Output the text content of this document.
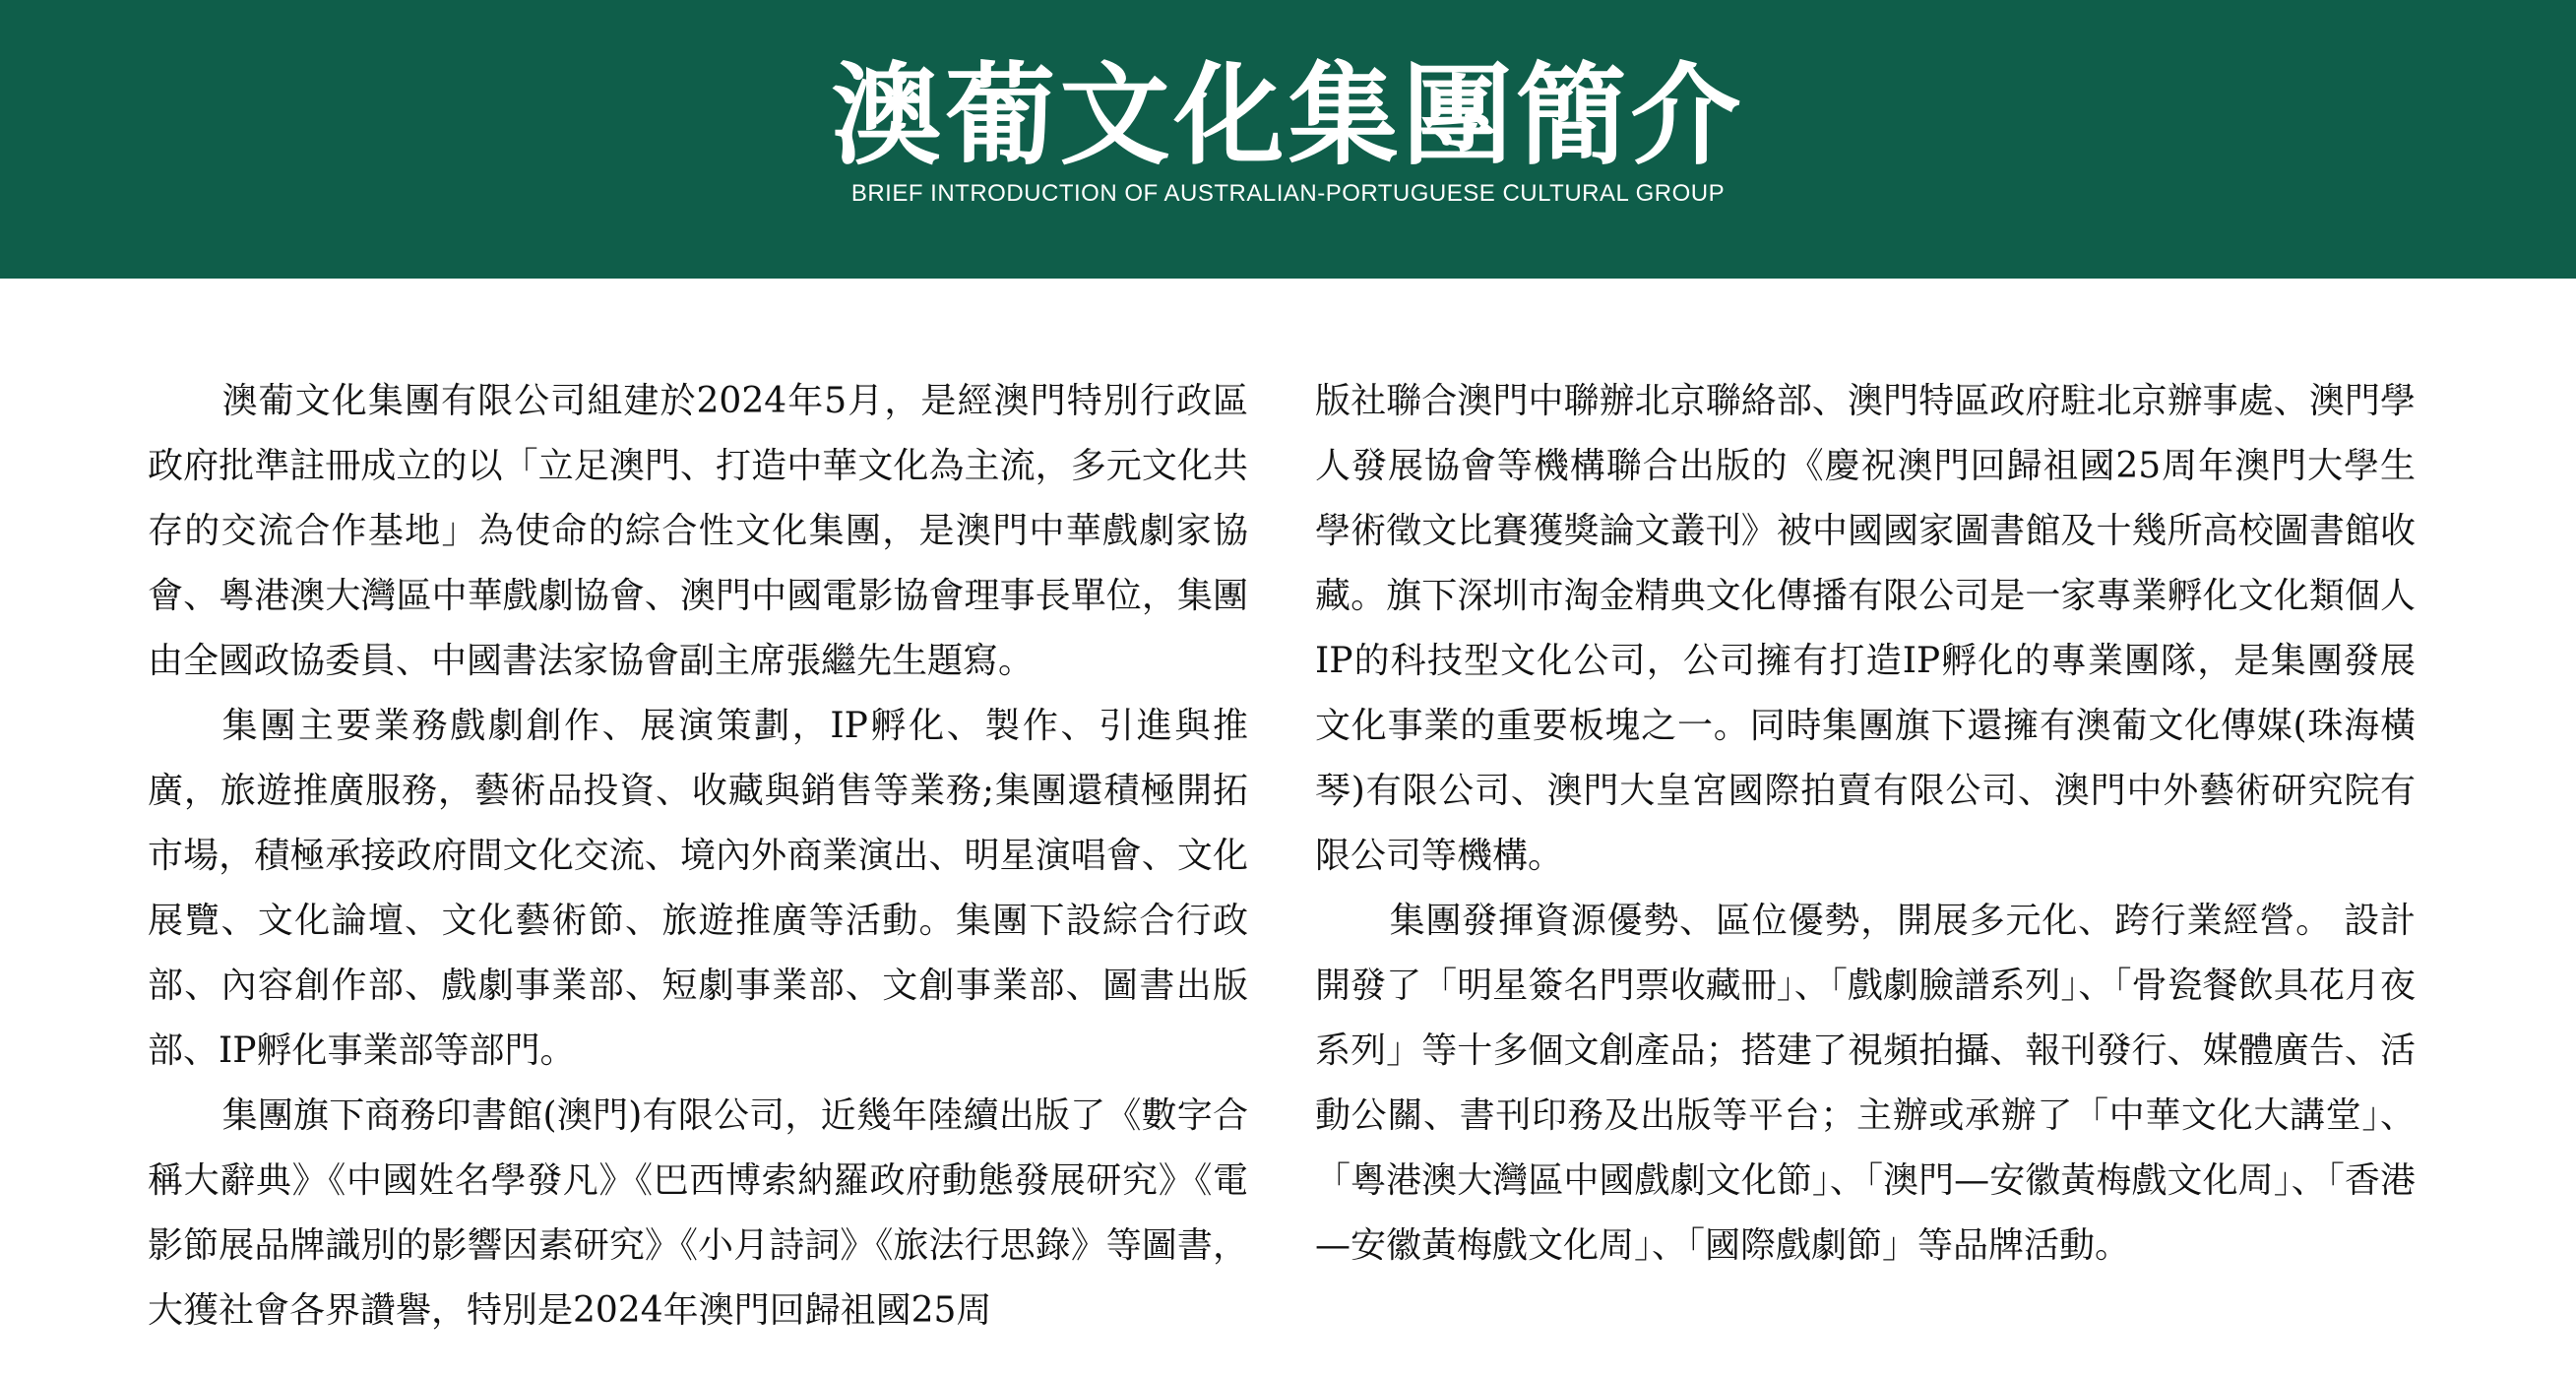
澳葡文化集團簡介
BRIEF INTRODUCTION OF AUSTRALIAN-PORTUGUESE CULTURAL GROUP

澳葡文化集團有限公司組建於2024年5月，是經澳門特別行政區政府批準註冊成立的以「立足澳門、打造中華文化為主流，多元文化共存的交流合作基地」為使命的綜合性文化集團，是澳門中華戲劇家協會、粵港澳大灣區中華戲劇協會、澳門中國電影協會理事長單位，集團由全國政協委員、中國書法家協會副主席張繼先生題寫。

集團主要業務戲劇創作、展演策劃，IP孵化、製作、引進與推廣，旅遊推廣服務，藝術品投資、收藏與銷售等業務;集團還積極開拓市場，積極承接政府間文化交流、境內外商業演出、明星演唱會、文化展覽、文化論壇、文化藝術節、旅遊推廣等活動。集團下設綜合行政部、內容創作部、戲劇事業部、短劇事業部、文創事業部、圖書出版部、IP孵化事業部等部門。

集團旗下商務印書館(澳門)有限公司，近幾年陸續出版了《數字合稱大辭典》《中國姓名學發凡》《巴西博索納羅政府動態發展研究》《電影節展品牌識別的影響因素研究》《小月詩詞》《旅法行思錄》等圖書，大獲社會各界讚譽，特別是2024年澳門回歸祖國25周

版社聯合澳門中聯辦北京聯絡部、澳門特區政府駐北京辦事處、澳門學人發展協會等機構聯合出版的《慶祝澳門回歸祖國25周年澳門大學生學術徵文比賽獲獎論文叢刊》被中國國家圖書館及十幾所高校圖書館收藏。旗下深圳市淘金精典文化傳播有限公司是一家專業孵化文化類個人IP的科技型文化公司，公司擁有打造IP孵化的專業團隊，是集團發展文化事業的重要板塊之一。同時集團旗下還擁有澳葡文化傳媒(珠海橫琴)有限公司、澳門大皇宮國際拍賣有限公司、澳門中外藝術研究院有限公司等機構。

集團發揮資源優勢、區位優勢，開展多元化、跨行業經營。 設計開發了「明星簽名門票收藏冊」、「戲劇臉譜系列」、「骨瓷餐飲具花月夜系列」等十多個文創產品；搭建了視頻拍攝、報刊發行、媒體廣告、活動公關、書刊印務及出版等平台；主辦或承辦了「中華文化大講堂」、「粵港澳大灣區中國戲劇文化節」、「澳門—安徽黃梅戲文化周」、「香港—安徽黃梅戲文化周」、「國際戲劇節」等品牌活動。
